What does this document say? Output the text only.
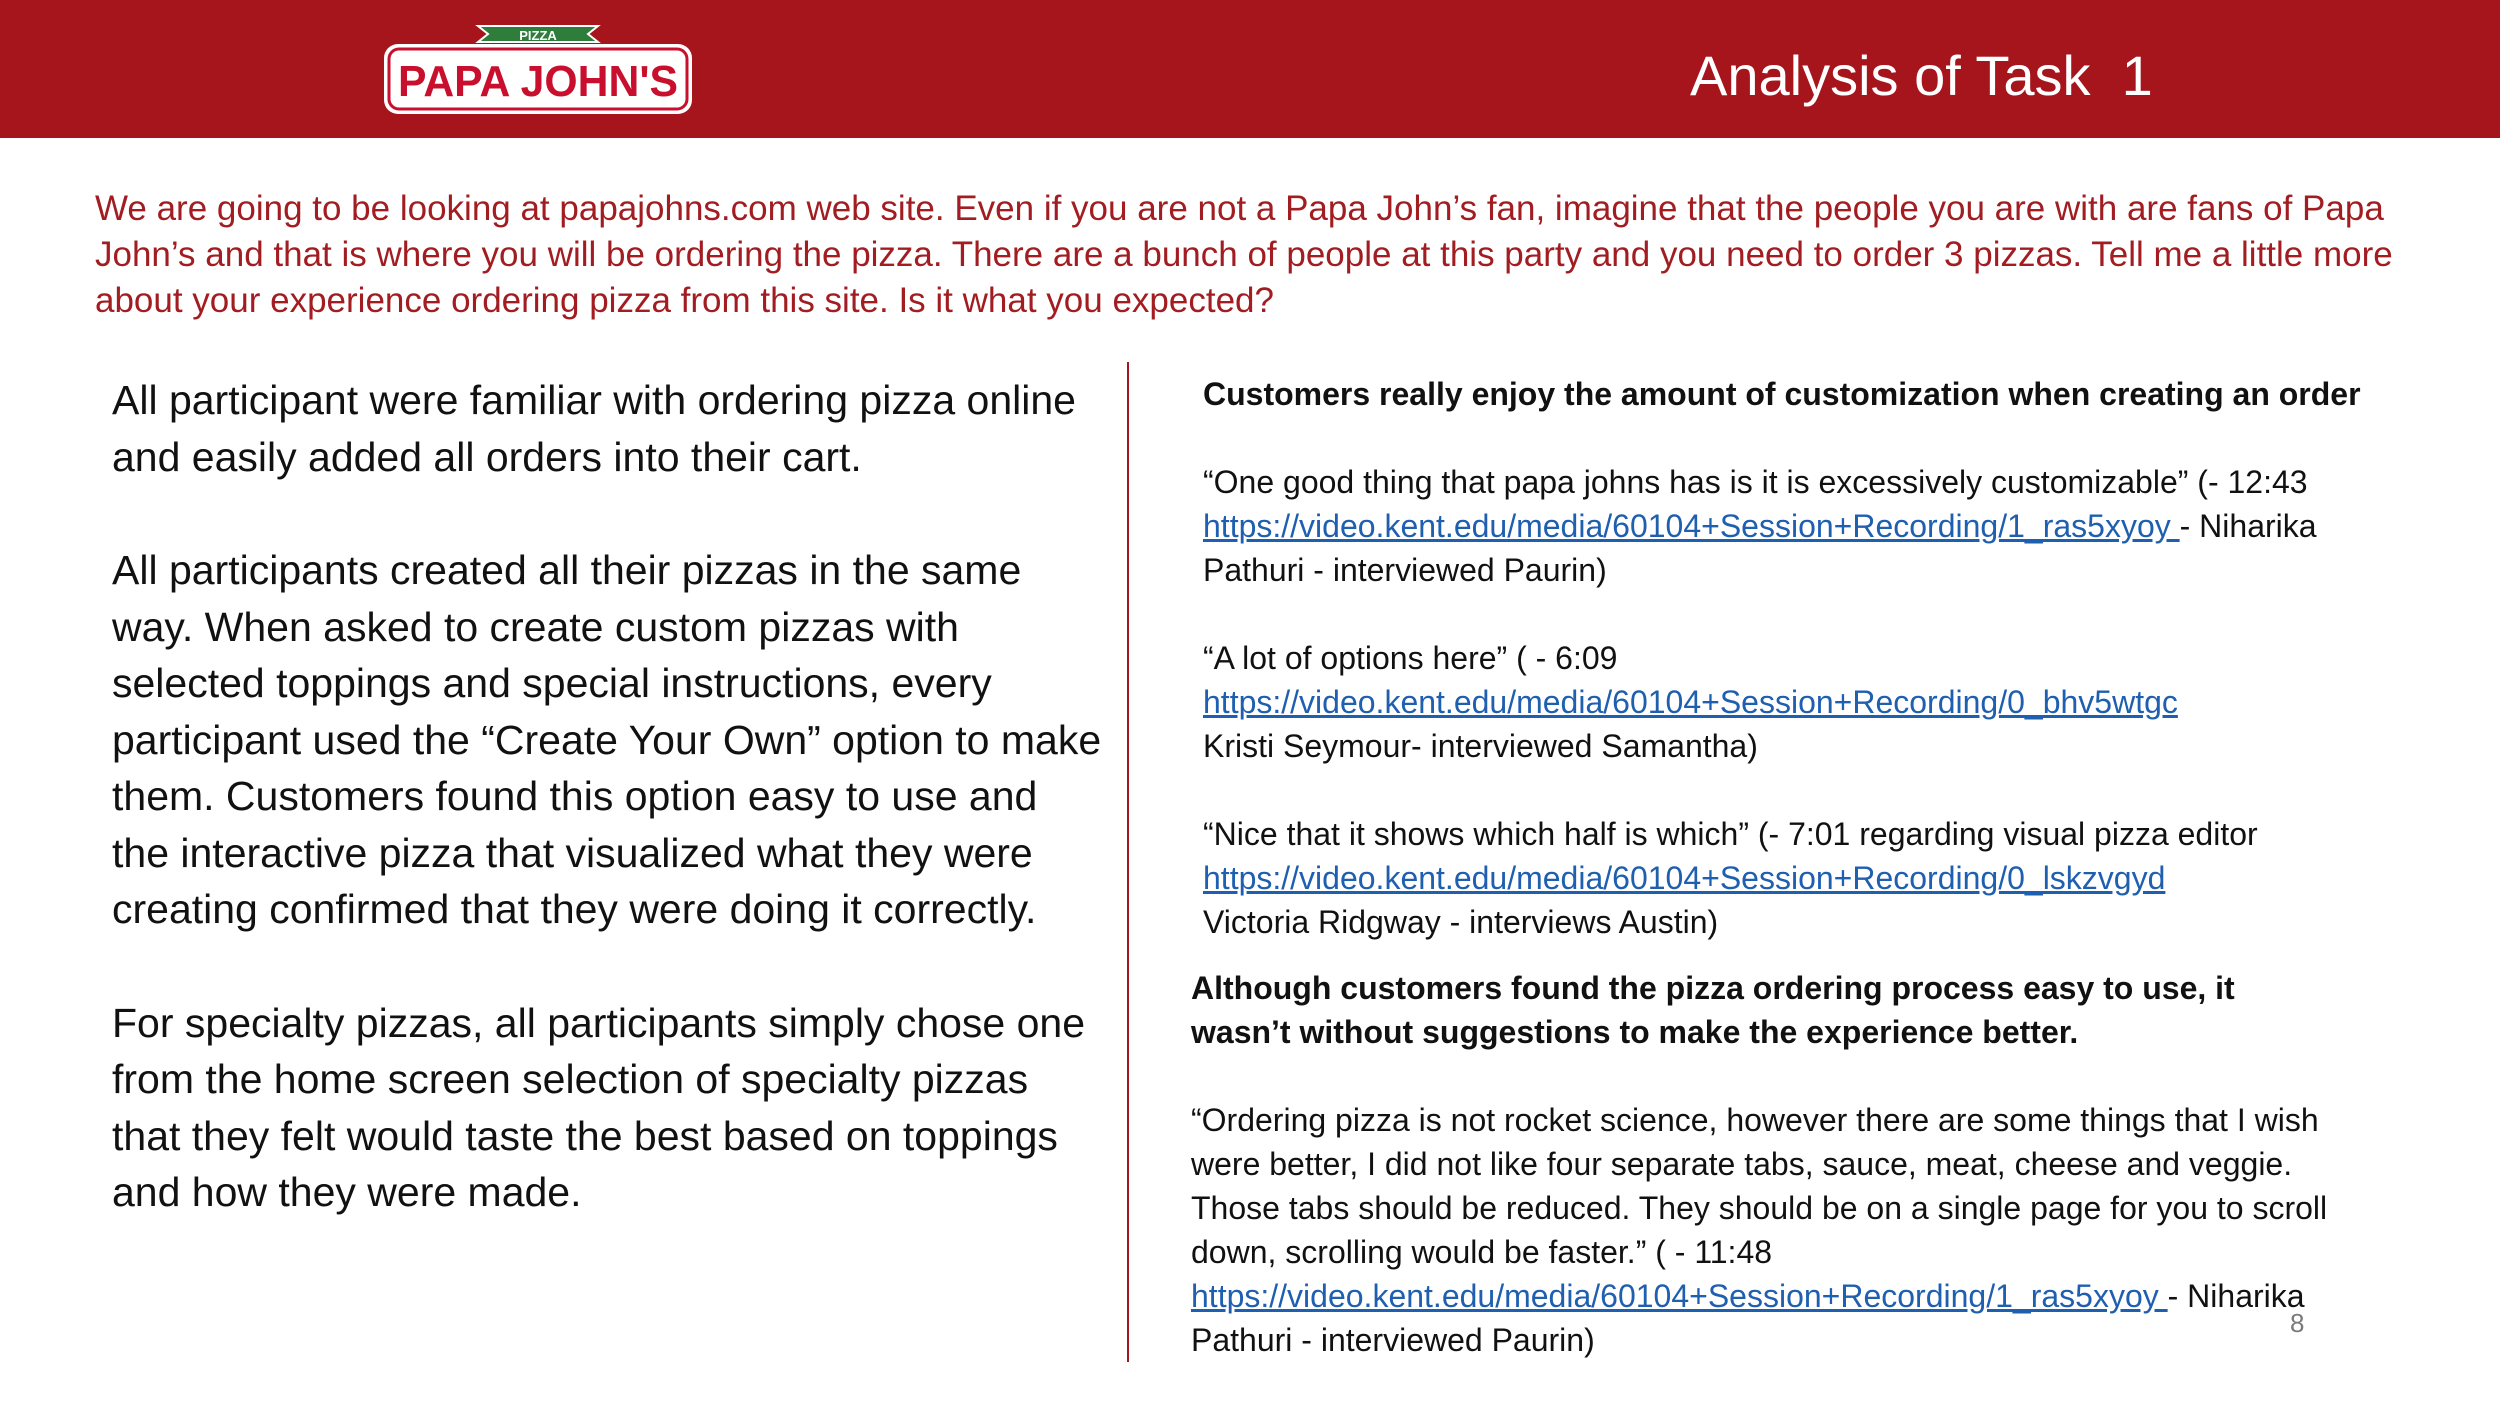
PIZZA
PAPA JOHN'S	Analysis of Task  1
We are going to be looking at papajohns.com web site. Even if you are not a Papa John’s fan, imagine that the people you are with are fans of Papa John’s and that is where you will be ordering the pizza. There are a bunch of people at this party and you need to order 3 pizzas. Tell me a little more about your experience ordering pizza from this site. Is it what you expected?

All participant were familiar with ordering pizza online and easily added all orders into their cart.

All participants created all their pizzas in the same way. When asked to create custom pizzas with selected toppings and special instructions, every participant used the “Create Your Own” option to make them. Customers found this option easy to use and the interactive pizza that visualized what they were creating confirmed that they were doing it correctly.

For specialty pizzas, all participants simply chose one from the home screen selection of specialty pizzas that they felt would taste the best based on toppings and how they were made.

Customers really enjoy the amount of customization when creating an order
“One good thing that papa johns has is it is excessively customizable” (- 12:43
https://video.kent.edu/media/60104+Session+Recording/1_ras5xyoy - Niharika Pathuri - interviewed Paurin)
“A lot of options here” ( - 6:09
https://video.kent.edu/media/60104+Session+Recording/0_bhv5wtgc
Kristi Seymour- interviewed Samantha)
“Nice that it shows which half is which” (- 7:01 regarding visual pizza editor
https://video.kent.edu/media/60104+Session+Recording/0_lskzvgyd
Victoria Ridgway - interviews Austin)
Although customers found the pizza ordering process easy to use, it wasn’t without suggestions to make the experience better.
“Ordering pizza is not rocket science, however there are some things that I wish were better, I did not like four separate tabs, sauce, meat, cheese and veggie. Those tabs should be reduced. They should be on a single page for you to scroll down, scrolling would be faster.” ( - 11:48
https://video.kent.edu/media/60104+Session+Recording/1_ras5xyoy - Niharika Pathuri - interviewed Paurin)	8
